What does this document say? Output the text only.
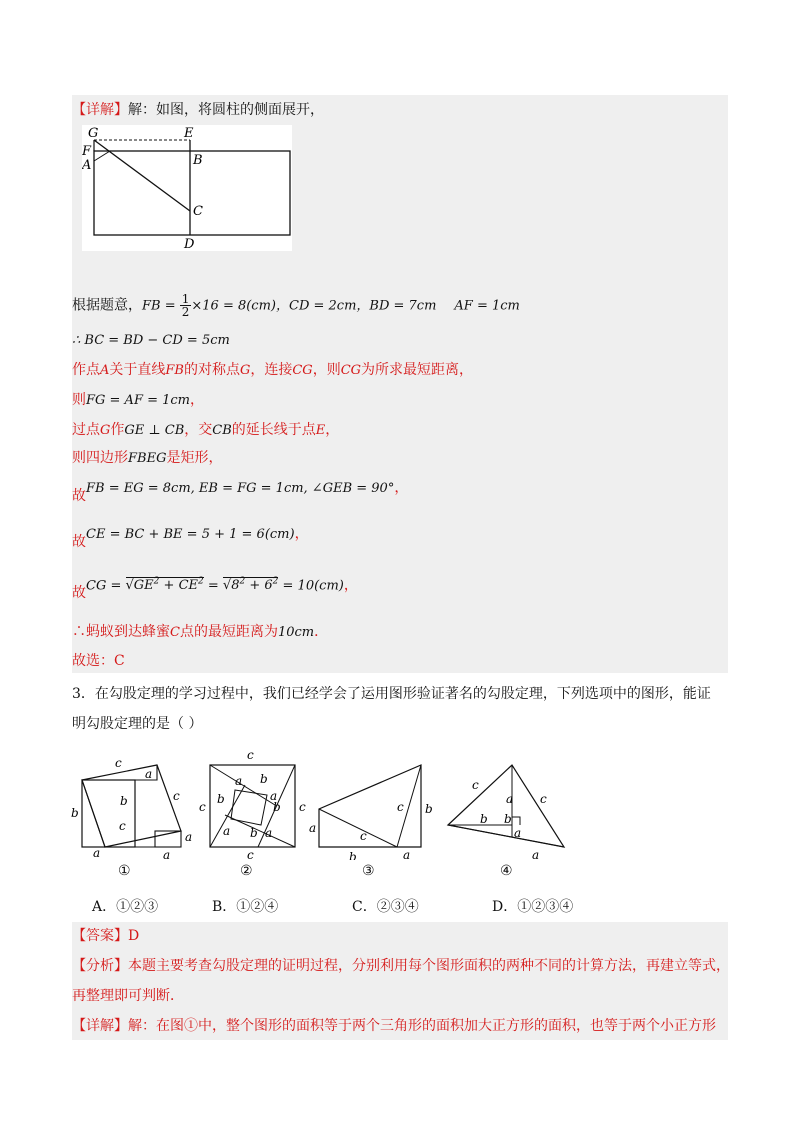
【详解】解：如图，将圆柱的侧面展开，
G	E
F
A	B
C
D
根据题意，FB = $\frac{1}{2} \times 16 = 8(cm)$，CD = 2cm，BD = 7cm AF = 1cm
∴ BC = BD − CD = 5cm
作点A关于直线FB的对称点G，连接CG，则CG为所求最短距离，
则FG = AF = 1cm，
过点G作GE ⊥ CB，交CB的延长线于点E，
则四边形FBEG是矩形，
故FB = EG = 8cm, EB = FG = 1cm, ∠GEB = 90°，
故CE = BC + BE = 5 + 1 = 6(cm)，
故CG = $√GE^2 + CE^2 = √8^2 + 6^2 = 10(cm)$，
∴蚂蚁到达蜂蜜C点的最短距离为10cm．
故选：C
3．在勾股定理的学习过程中，我们已经学会了运用图形验证著名的勾股定理，下列选项中的图形，能证
明勾股定理的是（ ）
c
a
c
b
c
b
a
a
a
①
c
a b
a
b
b
a b a
c	c
c
②
a
c
c b
b	a
③
c
a c
b b
a
a
④
A．①②③	B．①②④	C．②③④	D．①②③④
【答案】D
【分析】本题主要考查勾股定理的证明过程，分别利用每个图形面积的两种不同的计算方法，再建立等式，
再整理即可判断．
【详解】解：在图①中，整个图形的面积等于两个三角形的面积加大正方形的面积，也等于两个小正方形
